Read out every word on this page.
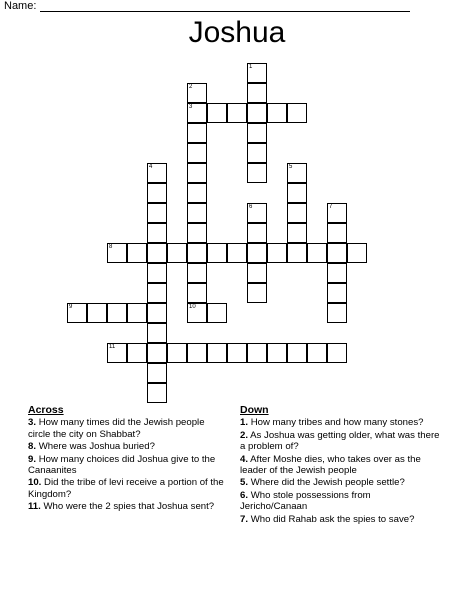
Name:
Joshua
1
2
3
10
4	5
6	7
8
9
11
Across
3. How many times did the Jewish people circle the city on Shabbat?
8. Where was Joshua buried?
9. How many choices did Joshua give to the Canaanites
10. Did the tribe of levi receive a portion of the Kingdom?
11. Who were the 2 spies that Joshua sent?
Down
1. How many tribes and how many stones?
2. As Joshua was getting older, what was there a problem of?
4. After Moshe dies, who takes over as the leader of the Jewish people
5. Where did the Jewish people settle?
6. Who stole possessions from Jericho/Canaan
7. Who did Rahab ask the spies to save?
